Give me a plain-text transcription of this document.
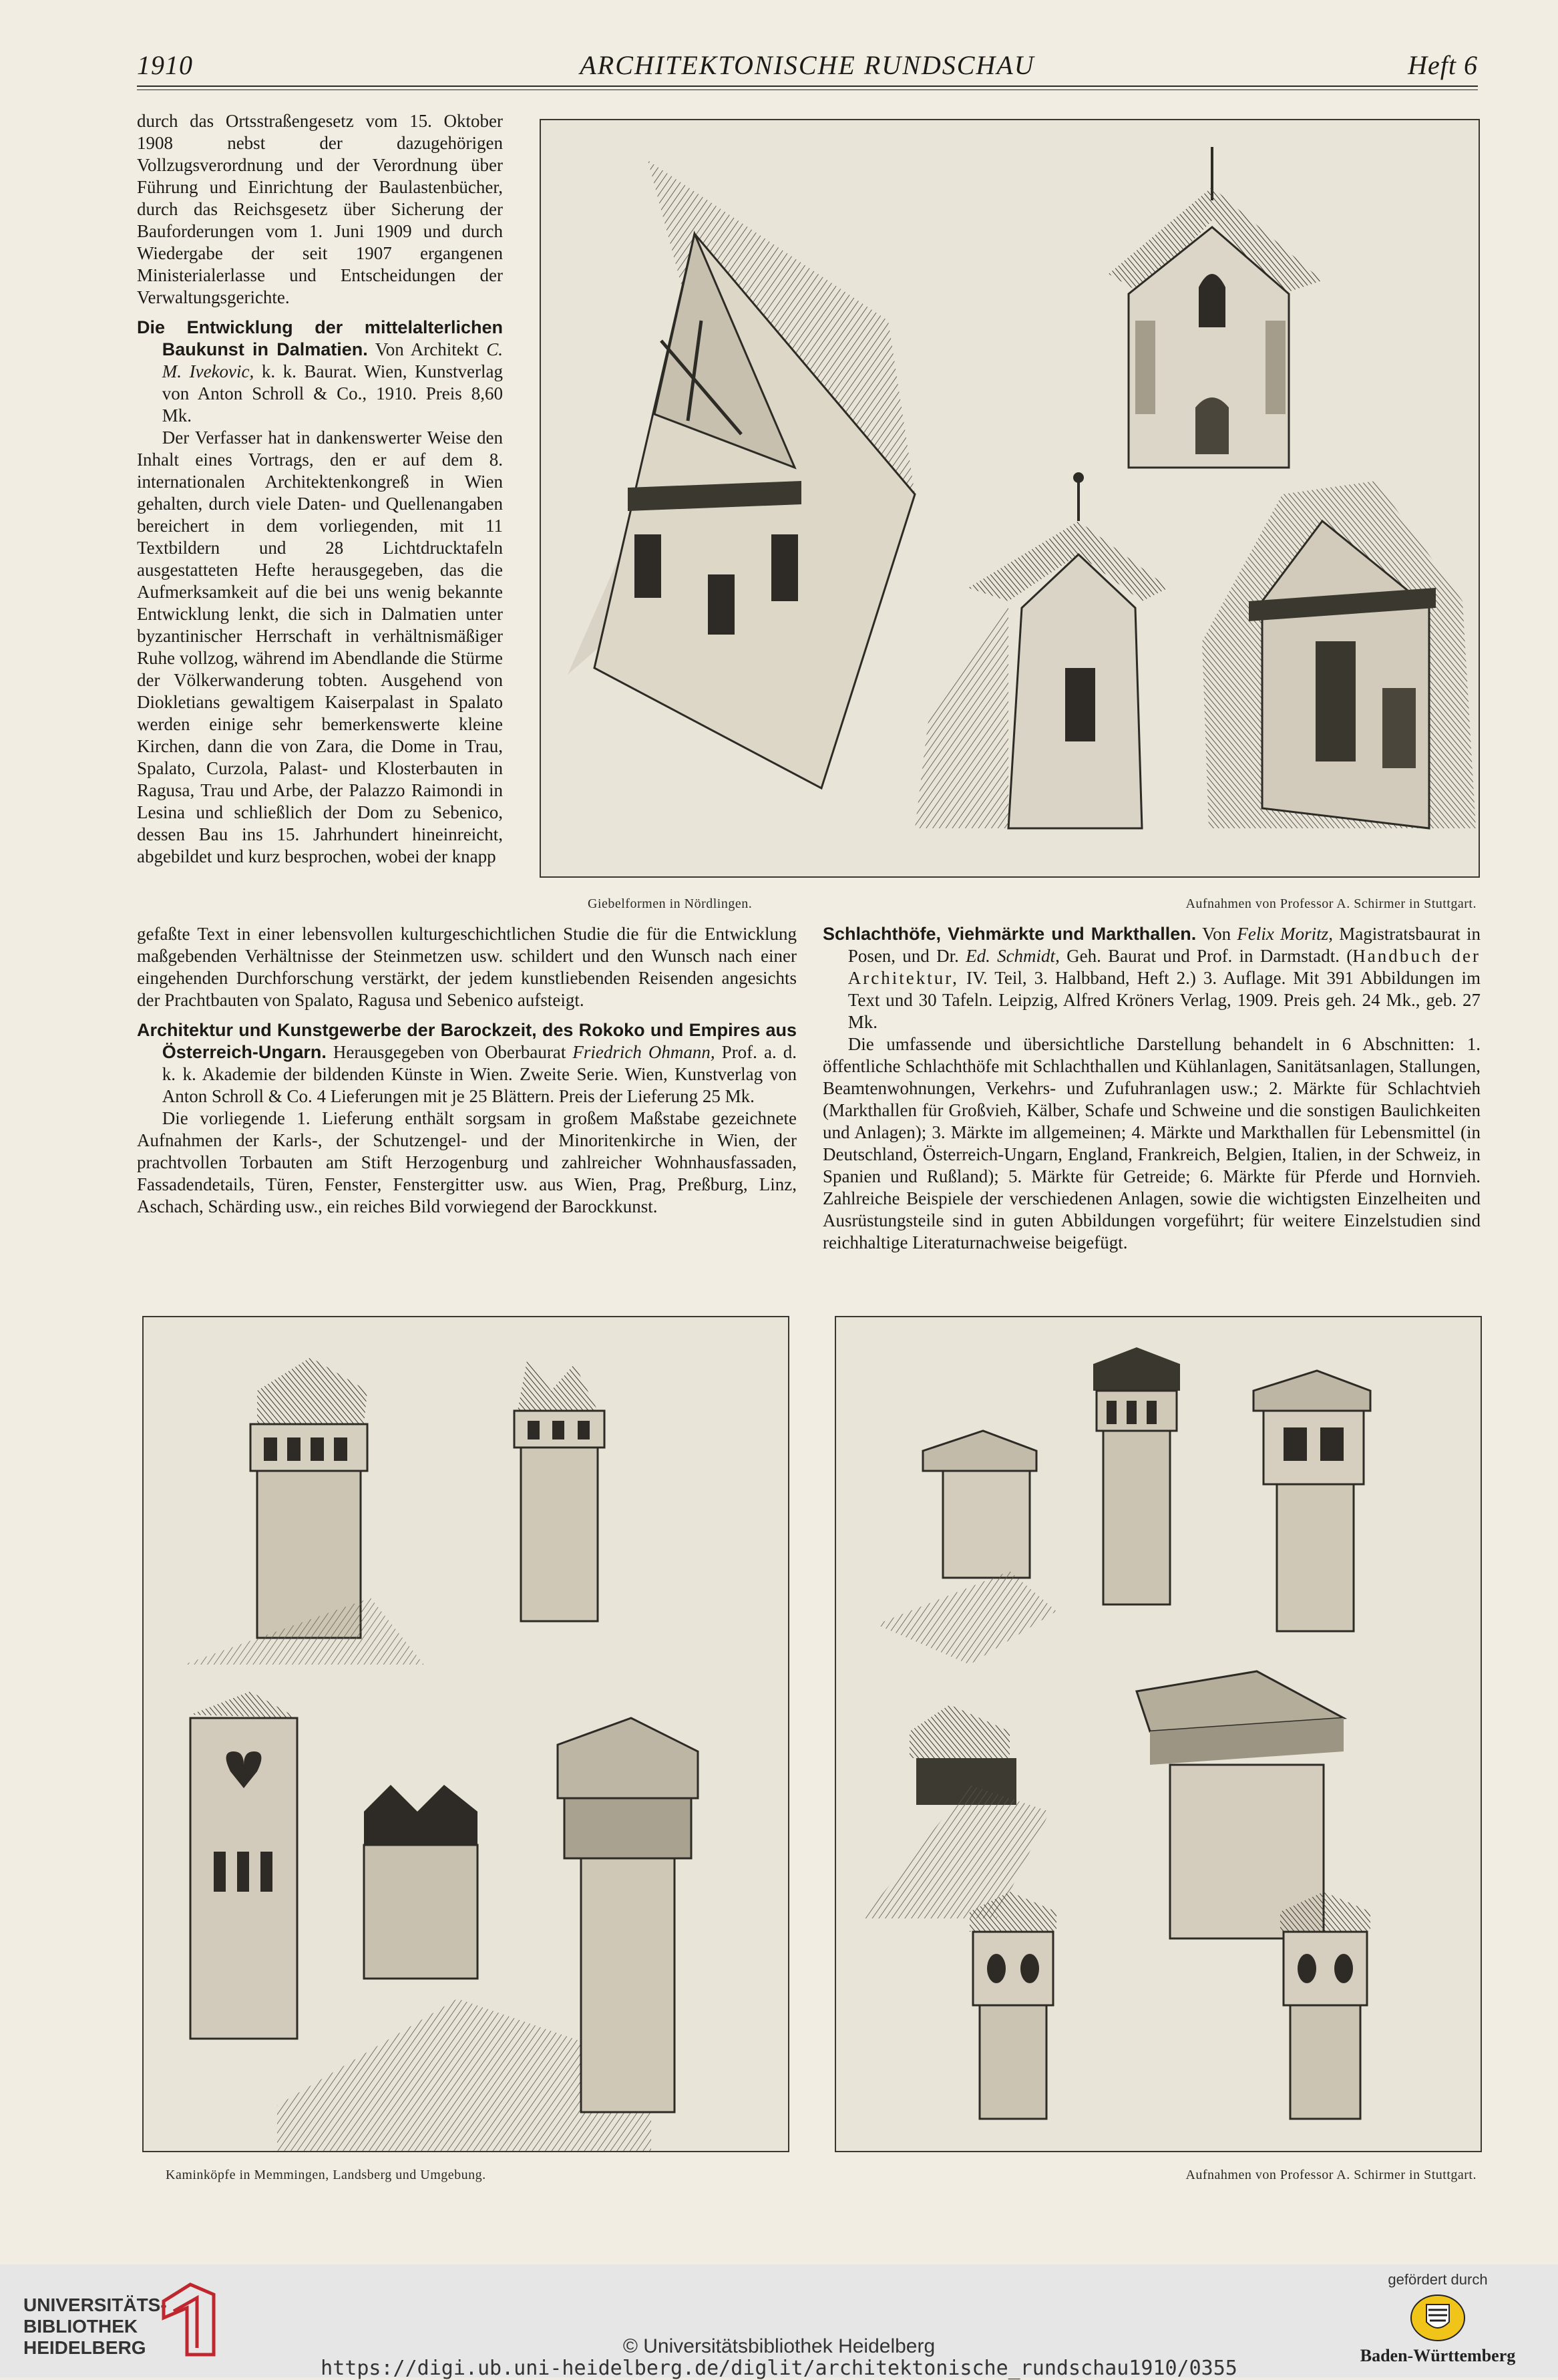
1910	ARCHITEKTONISCHE RUNDSCHAU	Heft 6

durch das Ortsstraßengesetz vom 15. Oktober 1908 nebst der dazugehörigen Vollzugsverordnung und der Verordnung über Führung und Einrichtung der Baulastenbücher, durch das Reichsgesetz über Sicherung der Bauforderungen vom 1. Juni 1909 und durch Wiedergabe der seit 1907 ergangenen Ministerialerlasse und Entscheidungen der Verwaltungsgerichte.

Die Entwicklung der mittelalterlichen Baukunst in Dalmatien. Von Architekt C. M. Ivekovic, k. k. Baurat. Wien, Kunstverlag von Anton Schroll & Co., 1910. Preis 8,60 Mk.

Der Verfasser hat in dankenswerter Weise den Inhalt eines Vortrags, den er auf dem 8. internationalen Architektenkongreß in Wien gehalten, durch viele Daten- und Quellenangaben bereichert in dem vorliegenden, mit 11 Textbildern und 28 Lichtdrucktafeln ausgestatteten Hefte herausgegeben, das die Aufmerksamkeit auf die bei uns wenig bekannte Entwicklung lenkt, die sich in Dalmatien unter byzantinischer Herrschaft in verhältnismäßiger Ruhe vollzog, während im Abendlande die Stürme der Völkerwanderung tobten. Ausgehend von Diokletians gewaltigem Kaiserpalast in Spalato werden einige sehr bemerkenswerte kleine Kirchen, dann die von Zara, die Dome in Trau, Spalato, Curzola, Palast- und Klosterbauten in Ragusa, Trau und Arbe, der Palazzo Raimondi in Lesina und schließlich der Dom zu Sebenico, dessen Bau ins 15. Jahrhundert hineinreicht, abgebildet und kurz besprochen, wobei der knapp

Giebelformen in Nördlingen.	Aufnahmen von Professor A. Schirmer in Stuttgart.

gefaßte Text in einer lebensvollen kulturgeschichtlichen Studie die für die Entwicklung maßgebenden Verhältnisse der Steinmetzen usw. schildert und den Wunsch nach einer eingehenden Durchforschung verstärkt, der jedem kunstliebenden Reisenden angesichts der Prachtbauten von Spalato, Ragusa und Sebenico aufsteigt.

Architektur und Kunstgewerbe der Barockzeit, des Rokoko und Empires aus Österreich-Ungarn. Herausgegeben von Oberbaurat Friedrich Ohmann, Prof. a. d. k. k. Akademie der bildenden Künste in Wien. Zweite Serie. Wien, Kunstverlag von Anton Schroll & Co. 4 Lieferungen mit je 25 Blättern. Preis der Lieferung 25 Mk.

Die vorliegende 1. Lieferung enthält sorgsam in großem Maßstabe gezeichnete Aufnahmen der Karls-, der Schutzengel- und der Minoritenkirche in Wien, der prachtvollen Torbauten am Stift Herzogenburg und zahlreicher Wohnhausfassaden, Fassadendetails, Türen, Fenster, Fenstergitter usw. aus Wien, Prag, Preßburg, Linz, Aschach, Schärding usw., ein reiches Bild vorwiegend der Barockkunst.

Schlachthöfe, Viehmärkte und Markthallen. Von Felix Moritz, Magistratsbaurat in Posen, und Dr. Ed. Schmidt, Geh. Baurat und Prof. in Darmstadt. (Handbuch der Architektur, IV. Teil, 3. Halbband, Heft 2.) 3. Auflage. Mit 391 Abbildungen im Text und 30 Tafeln. Leipzig, Alfred Kröners Verlag, 1909. Preis geh. 24 Mk., geb. 27 Mk.

Die umfassende und übersichtliche Darstellung behandelt in 6 Abschnitten: 1. öffentliche Schlachthöfe mit Schlachthallen und Kühlanlagen, Sanitätsanlagen, Stallungen, Beamtenwohnungen, Verkehrs- und Zufuhranlagen usw.; 2. Märkte für Schlachtvieh (Markthallen für Großvieh, Kälber, Schafe und Schweine und die sonstigen Baulichkeiten und Anlagen); 3. Märkte im allgemeinen; 4. Märkte und Markthallen für Lebensmittel (in Deutschland, Österreich-Ungarn, England, Frankreich, Belgien, Italien, in der Schweiz, in Spanien und Rußland); 5. Märkte für Getreide; 6. Märkte für Pferde und Hornvieh. Zahlreiche Beispiele der verschiedenen Anlagen, sowie die wichtigsten Einzelheiten und Ausrüstungsteile sind in guten Abbildungen vorgeführt; für weitere Einzelstudien sind reichhaltige Literaturnachweise beigefügt.

Kaminköpfe in Memmingen, Landsberg und Umgebung.	Aufnahmen von Professor A. Schirmer in Stuttgart.
UNIVERSITÄTS-
BIBLIOTHEK
HEIDELBERG	© Universitätsbibliothek Heidelberg
https://digi.ub.uni-heidelberg.de/diglit/architektonische_rundschau1910/0355
gefördert durch
Baden-Württemberg
